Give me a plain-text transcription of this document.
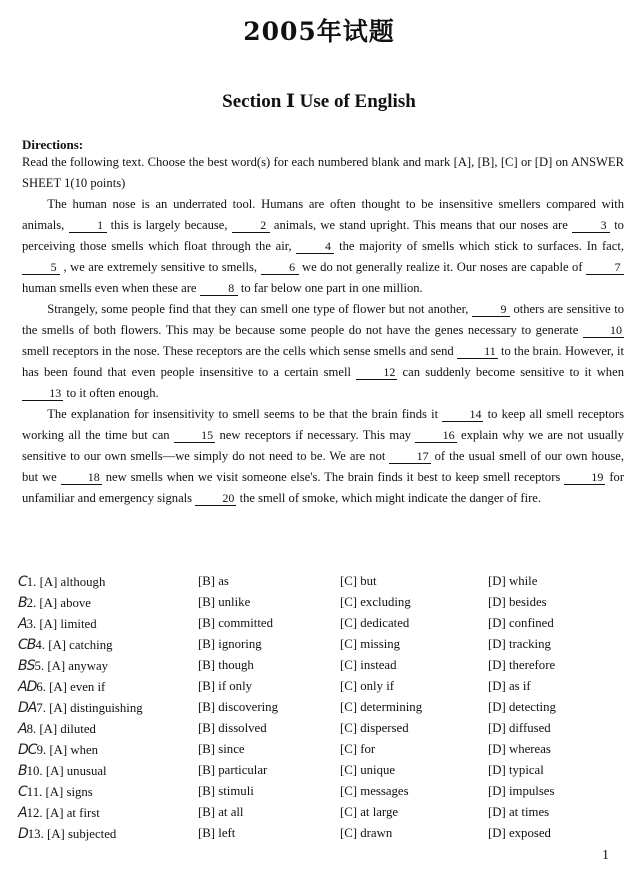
2005年试题
Section Ⅰ Use of English
Directions:

Read the following text. Choose the best word(s) for each numbered blank and mark [A], [B], [C] or [D] on ANSWER SHEET 1(10 points)

The human nose is an underrated tool. Humans are often thought to be insensitive smellers compared with animals,	1 this is largely because,	2 animals, we stand upright. This means that our noses are	3 to perceiving those smells which float through the air,	4 the majority of smells which stick to surfaces. In fact, 5 , we are extremely sensitive to smells,	6 we do not generally realize it. Our noses are capable of	7 human smells even when these are	8 to far below one part in one million.

Strangely, some people find that they can smell one type of flower but not another,	9 others are sensitive to the smells of both flowers. This may be because some people do not have the genes necessary to generate	10 smell receptors in the nose. These receptors are the cells which sense smells and send	11 to the brain. However, it has been found that even people insensitive to a certain smell	12 can suddenly become sensitive to it when 13 to it often enough.

The explanation for insensitivity to smell seems to be that the brain finds it	14 to keep all smell receptors working all the time but can	15 new receptors if necessary. This may	16 explain why we are not usually sensitive to our own smells—we simply do not need to be. We are not	17 of the usual smell of our own house, but we	18 new smells when we visit someone else's. The brain finds it best to keep smell receptors	19 for unfamiliar and emergency signals	20 the smell of smoke, which might indicate the danger of fire.

C1. [A] although	[B] as	[C] but	[D] while
B2. [A] above	[B] unlike	[C] excluding	[D] besides
A3. [A] limited	[B] committed	[C] dedicated	[D] confined
CB4. [A] catching	[B] ignoring	[C] missing	[D] tracking
BS5. [A] anyway	[B] though	[C] instead	[D] therefore
AD6. [A] even if	[B] if only	[C] only if	[D] as if
DA7. [A] distinguishing	[B] discovering	[C] determining	[D] detecting
A8. [A] diluted	[B] dissolved	[C] dispersed	[D] diffused
DC9. [A] when	[B] since	[C] for	[D] whereas
B10. [A] unusual	[B] particular	[C] unique	[D] typical
C11. [A] signs	[B] stimuli	[C] messages	[D] impulses
A12. [A] at first	[B] at all	[C] at large	[D] at times
D13. [A] subjected	[B] left	[C] drawn	[D] exposed
1
